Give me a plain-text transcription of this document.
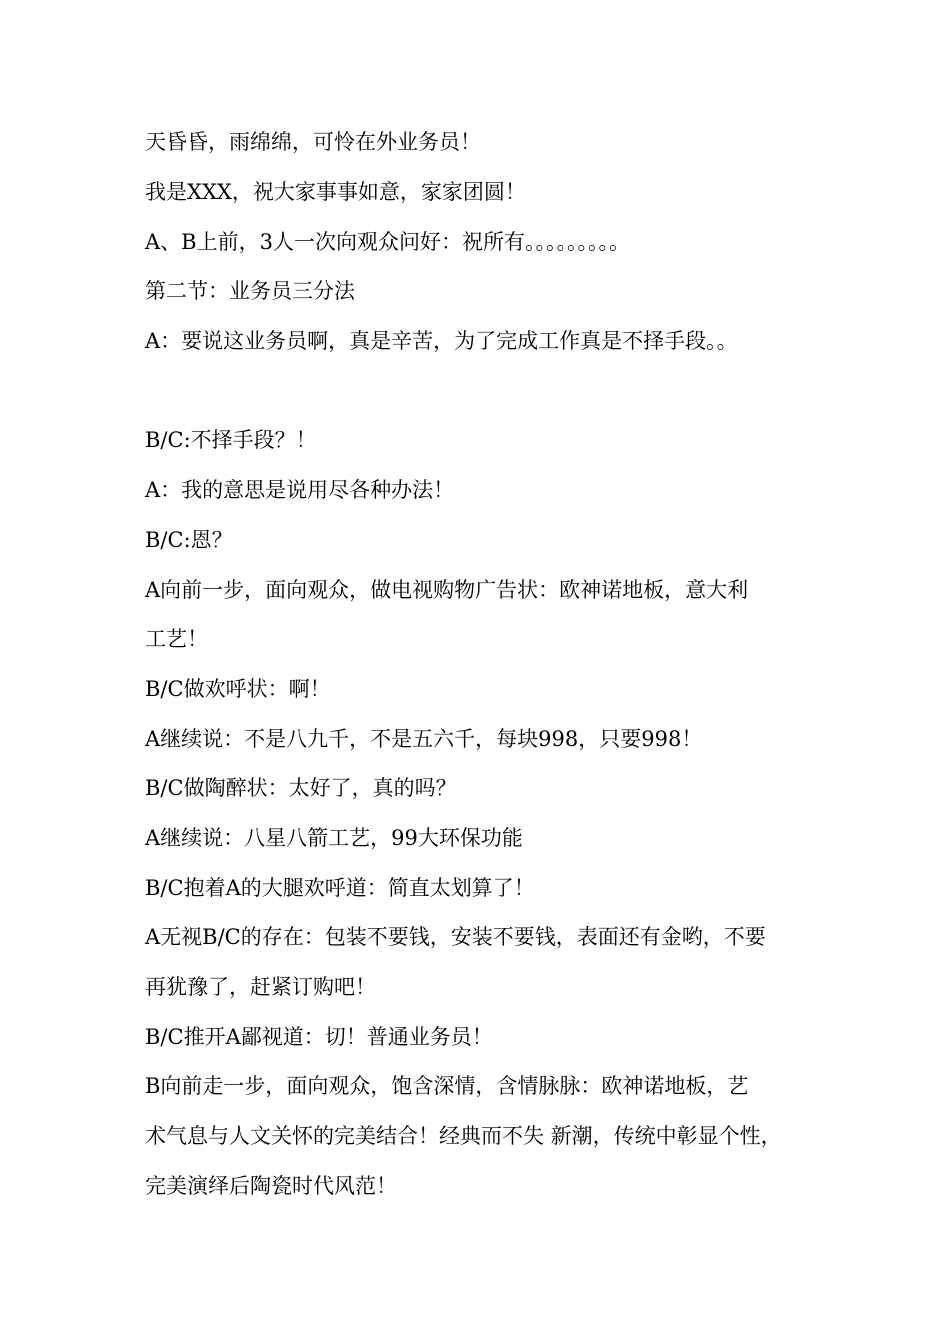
天昏昏，雨绵绵，可怜在外业务员！
我是XXX，祝大家事事如意，家家团圆！
A、B上前，3人一次向观众问好：祝所有。。。。。。。。。
第二节：业务员三分法
A：要说这业务员啊，真是辛苦，为了完成工作真是不择手段。。
B/C:不择手段？！
A：我的意思是说用尽各种办法！
B/C:恩？
A向前一步，面向观众，做电视购物广告状：欧神诺地板，意大利
工艺！
B/C做欢呼状：啊！
A继续说：不是八九千，不是五六千，每块998，只要998！
B/C做陶醉状：太好了，真的吗？
A继续说：八星八箭工艺，99大环保功能
B/C抱着A的大腿欢呼道：简直太划算了！
A无视B/C的存在：包装不要钱，安装不要钱，表面还有金哟，不要
再犹豫了，赶紧订购吧！
B/C推开A鄙视道：切！普通业务员！
B向前走一步，面向观众，饱含深情，含情脉脉：欧神诺地板，艺
术气息与人文关怀的完美结合！经典而不失 新潮，传统中彰显个性，
完美演绎后陶瓷时代风范！
